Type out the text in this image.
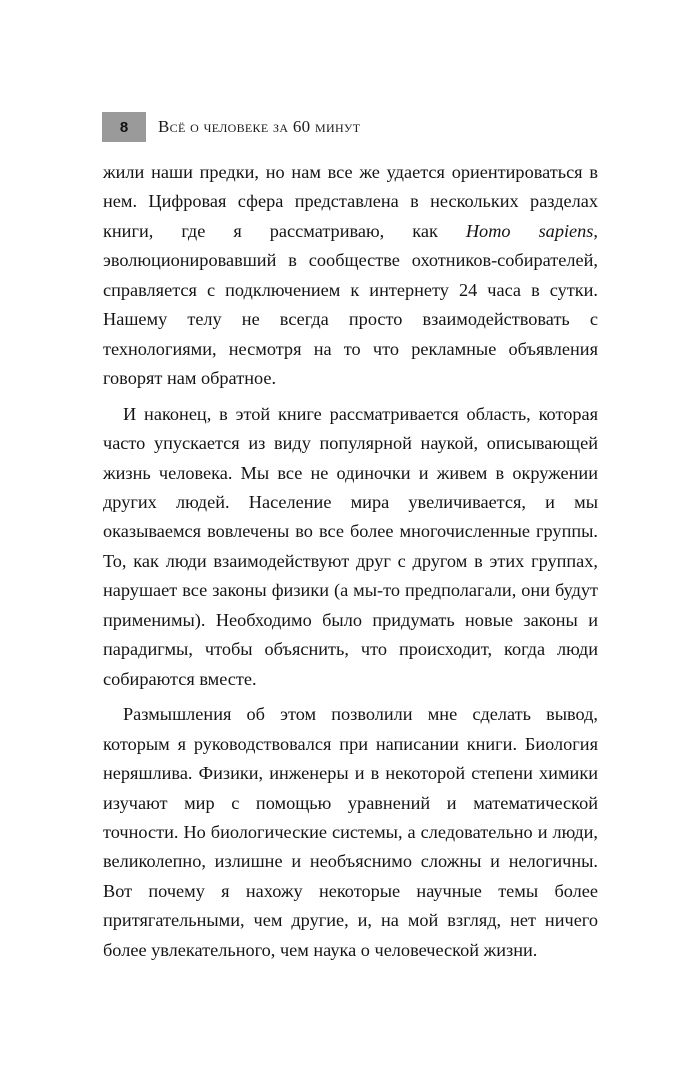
8	Всё о человеке за 60 минут

жили наши предки, но нам все же удается ориентироваться в нем. Цифровая сфера представлена в нескольких разделах книги, где я рассматриваю, как Homo sapiens, эволюционировавший в сообществе охотников-собирателей, справляется с подключением к интернету 24 часа в сутки. Нашему телу не всегда просто взаимодействовать с технологиями, несмотря на то что рекламные объявления говорят нам обратное.

И наконец, в этой книге рассматривается область, которая часто упускается из виду популярной наукой, описывающей жизнь человека. Мы все не одиночки и живем в окружении других людей. Население мира увеличивается, и мы оказываемся вовлечены во все более многочисленные группы. То, как люди взаимодействуют друг с другом в этих группах, нарушает все законы физики (а мы-то предполагали, они будут применимы). Необходимо было придумать новые законы и парадигмы, чтобы объяснить, что происходит, когда люди собираются вместе.

Размышления об этом позволили мне сделать вывод, которым я руководствовался при написании книги. Биология неряшлива. Физики, инженеры и в некоторой степени химики изучают мир с помощью уравнений и математической точности. Но биологические системы, а следовательно и люди, великолепно, излишне и необъяснимо сложны и нелогичны. Вот почему я нахожу некоторые научные темы более притягательными, чем другие, и, на мой взгляд, нет ничего более увлекательного, чем наука о человеческой жизни.
